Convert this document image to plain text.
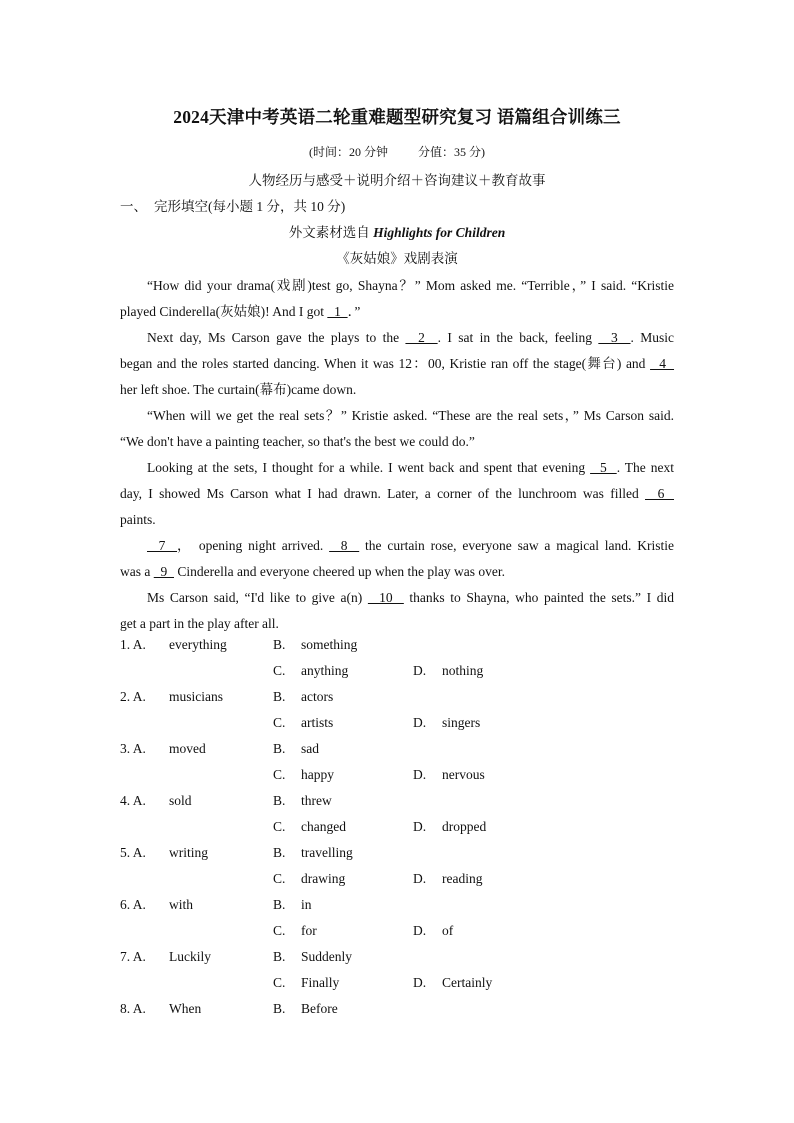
2024天津中考英语二轮重难题型研究复习 语篇组合训练三
(时间：20 分钟	分值：35 分)
人物经历与感受＋说明介绍＋咨询建议＋教育故事
一、 完形填空(每小题 1 分，共 10 分)
外文素材选自 Highlights for Children
《灰姑娘》戏剧表演
“How did your drama(戏剧)test go, Shayna？” Mom asked me. “Terrible，” I said. “Kristie
played Cinderella(灰姑娘)! And I got   1  ．”
Next day, Ms Carson gave the plays to the   2  . I sat in the back, feeling   3  . Music
began and the roles started dancing. When it was 12：00, Kristie ran off the stage(舞台) and   4
her left shoe. The curtain(幕布)came down.
“When will we get the real sets？” Kristie asked. “These are the real sets，” Ms Carson said.
“We don't have a painting teacher, so that's the best we could do.”
Looking at the sets, I thought for a while. I went back and spent that evening   5  . The next
day, I showed Ms Carson what I had drawn. Later, a corner of the lunchroom was filled   6
paints.
7  ， opening night arrived.   8   the curtain rose, everyone saw a magical land. Kristie
was a   9   Cinderella and everyone cheered up when the play was over.
Ms Carson said, “I'd like to give a(n)   10   thanks to Shayna, who painted the sets.” I did
get a part in the play after all.
1. A. everything	B. something
C. anything	D. nothing
2. A. musicians	B. actors
C. artists	D. singers
3. A. moved	B. sad
C. happy	D. nervous
4. A. sold	B. threw
C. changed	D. dropped
5. A. writing	B. travelling
C. drawing	D. reading
6. A. with	B. in
C. for	D. of
7. A. Luckily	B. Suddenly
C. Finally	D. Certainly
8. A. When	B. Before
